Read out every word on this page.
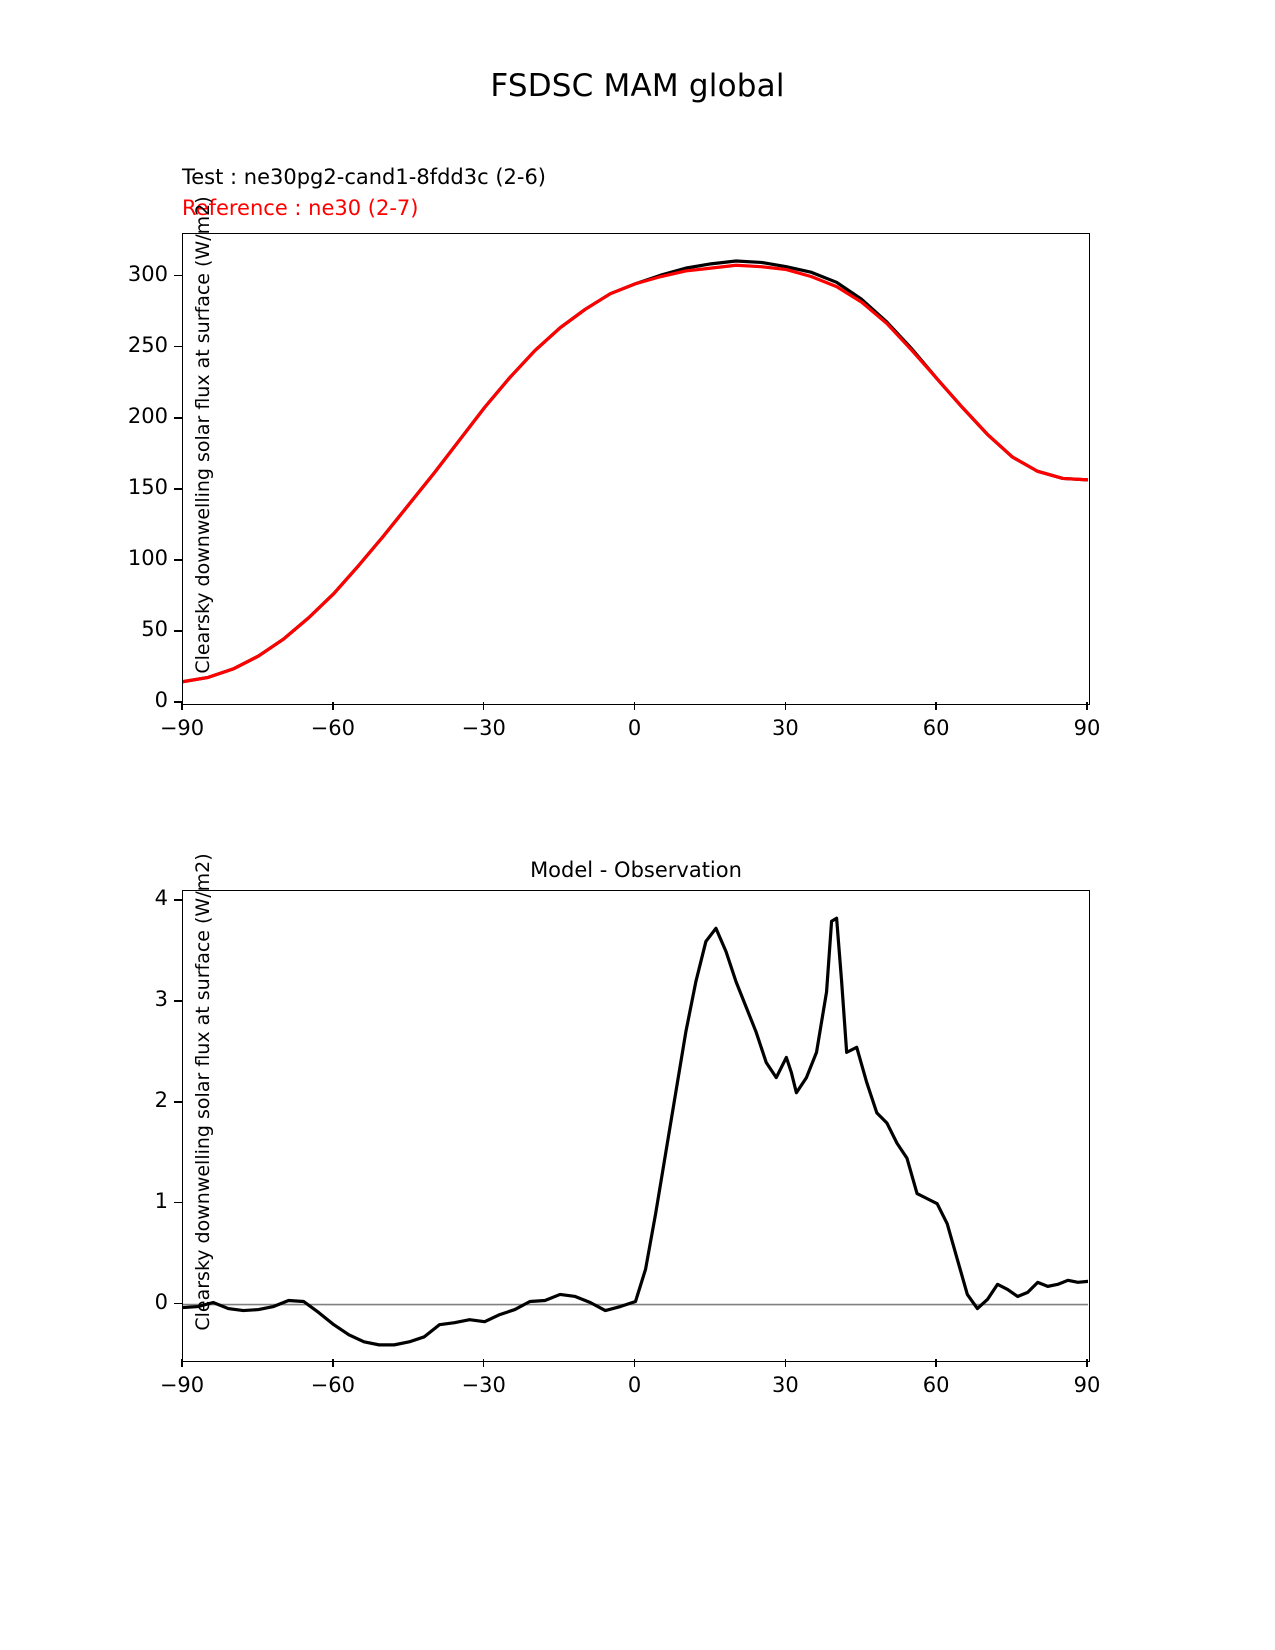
FSDSC MAM global
Test : ne30pg2-cand1-8fdd3c (2-6)
Reference : ne30 (2-7)
Clearsky downwelling solar flux at surface (W/m2)
−90	−60	−30	0	30	60	90
0
50
100
150
200
250
300
Model - Observation
Clearsky downwelling solar flux at surface (W/m2)
−90	−60	−30	0	30	60	90
0
1
2
3
4
